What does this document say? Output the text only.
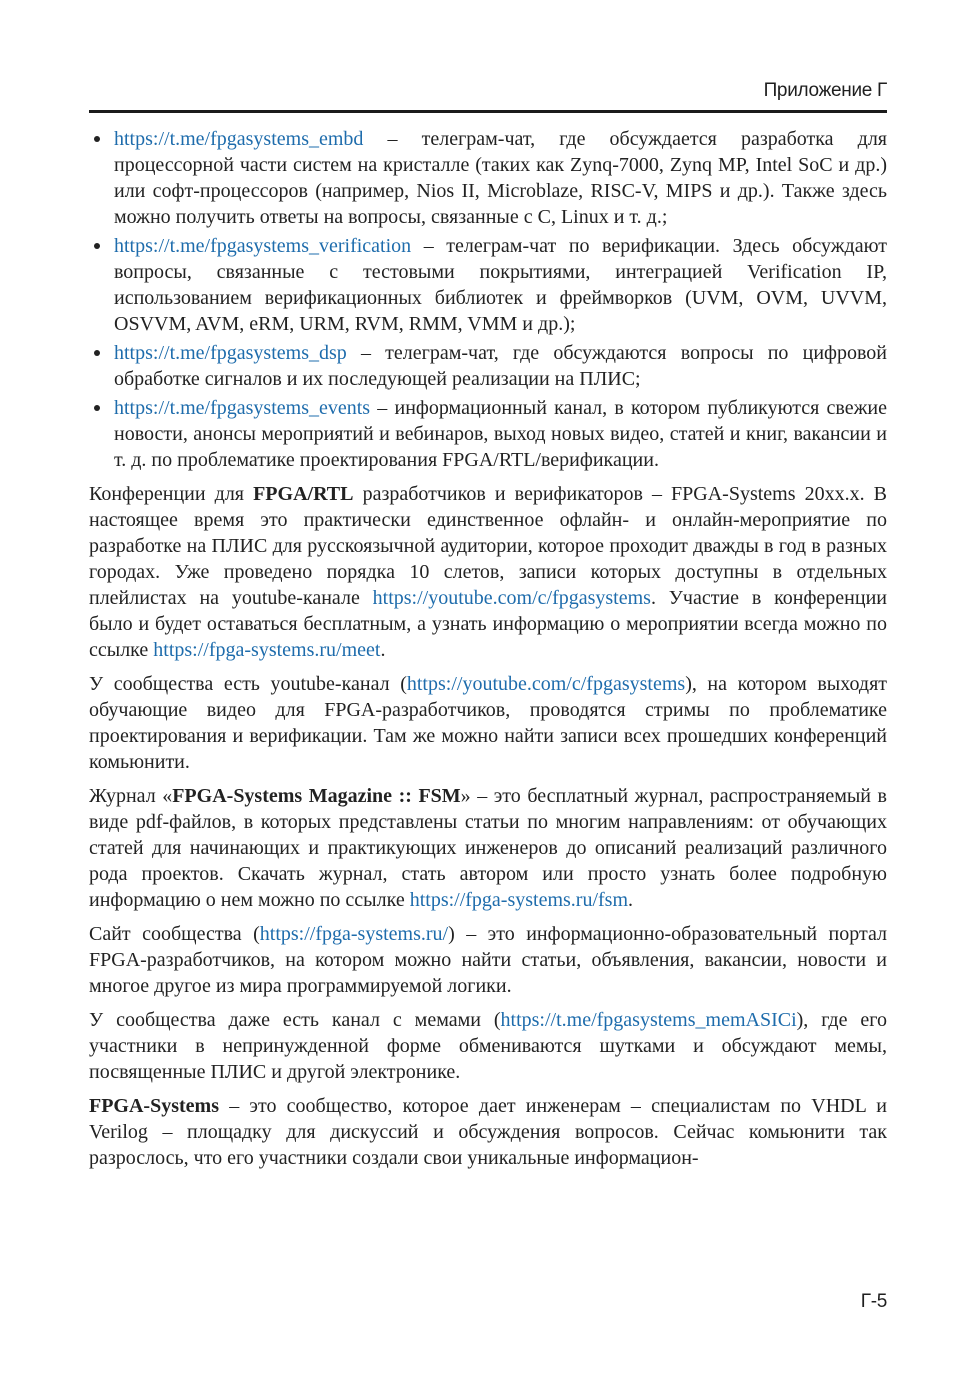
Приложение Г
https://t.me/fpgasystems_embd – телеграм-чат, где обсуждается разработка для процессорной части систем на кристалле (таких как Zynq-7000, Zynq MP, Intel SoC и др.) или софт-процессоров (например, Nios II, Microblaze, RISC-V, MIPS и др.). Также здесь можно получить ответы на вопросы, связанные с C, Linux и т. д.;
https://t.me/fpgasystems_verification – телеграм-чат по верификации. Здесь обсуждают вопросы, связанные с тестовыми покрытиями, интеграцией Verification IP, использованием верификационных библиотек и фреймворков (UVM, OVM, UVVM, OSVVM, AVM, eRM, URM, RVM, RMM, VMM и др.);
https://t.me/fpgasystems_dsp – телеграм-чат, где обсуждаются вопросы по цифровой обработке сигналов и их последующей реализации на ПЛИС;
https://t.me/fpgasystems_events – информационный канал, в котором публикуются свежие новости, анонсы мероприятий и вебинаров, выход новых видео, статей и книг, вакансии и т. д. по проблематике проектирования FPGA/RTL/верификации.

Конференции для FPGA/RTL разработчиков и верификаторов – FPGA-Systems 20xx.x. В настоящее время это практически единственное офлайн- и онлайн-мероприятие по разработке на ПЛИС для русскоязычной аудитории, которое проходит дважды в год в разных городах. Уже проведено порядка 10 слетов, записи которых доступны в отдельных плейлистах на youtube-канале https://youtube.com/c/fpgasystems. Участие в конференции было и будет оставаться бесплатным, а узнать информацию о мероприятии всегда можно по ссылке https://fpga-systems.ru/meet.

У сообщества есть youtube-канал (https://youtube.com/c/fpgasystems), на котором выходят обучающие видео для FPGA-разработчиков, проводятся стримы по проблематике проектирования и верификации. Там же можно найти записи всех прошедших конференций комьюнити.

Журнал «FPGA-Systems Magazine :: FSM» – это бесплатный журнал, распространяемый в виде pdf-файлов, в которых представлены статьи по многим направлениям: от обучающих статей для начинающих и практикующих инженеров до описаний реализаций различного рода проектов. Скачать журнал, стать автором или просто узнать более подробную информацию о нем можно по ссылке https://fpga-systems.ru/fsm.

Сайт сообщества (https://fpga-systems.ru/) – это информационно-образовательный портал FPGA-разработчиков, на котором можно найти статьи, объявления, вакансии, новости и многое другое из мира программируемой логики.

У сообщества даже есть канал с мемами (https://t.me/fpgasystems_memASICi), где его участники в непринужденной форме обмениваются шутками и обсуждают мемы, посвященные ПЛИС и другой электронике.

FPGA-Systems – это сообщество, которое дает инженерам – специалистам по VHDL и Verilog – площадку для дискуссий и обсуждения вопросов. Сейчас комьюнити так разрослось, что его участники создали свои уникальные информацион-

Г-5
